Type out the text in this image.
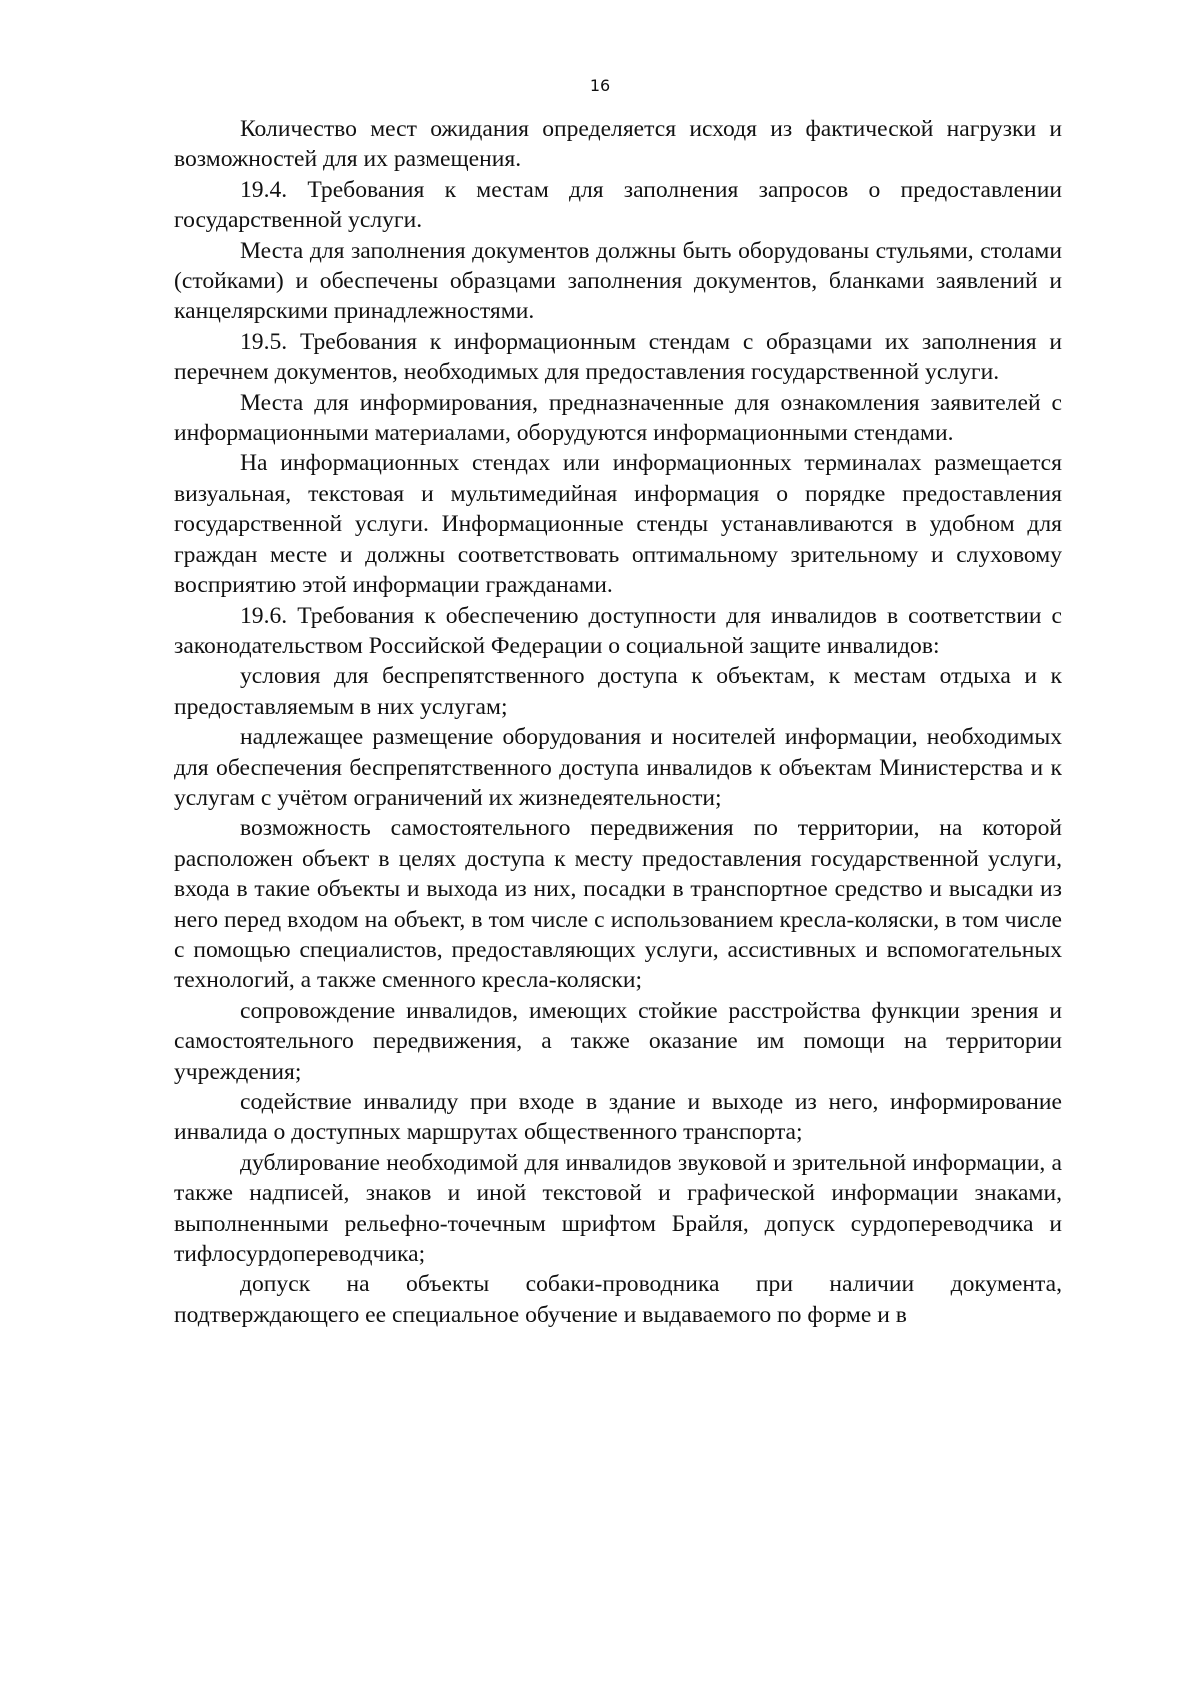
16

Количество мест ожидания определяется исходя из фактической нагрузки и возможностей для их размещения.

19.4. Требования к местам для заполнения запросов о предоставлении государственной услуги.

Места для заполнения документов должны быть оборудованы стульями, столами (стойками) и обеспечены образцами заполнения документов, бланками заявлений и канцелярскими принадлежностями.

19.5. Требования к информационным стендам с образцами их заполнения и перечнем документов, необходимых для предоставления государственной услуги.

Места для информирования, предназначенные для ознакомления заявителей с информационными материалами, оборудуются информационными стендами.

На информационных стендах или информационных терминалах размещается визуальная, текстовая и мультимедийная информация о порядке предоставления государственной услуги. Информационные стенды устанавливаются в удобном для граждан месте и должны соответствовать оптимальному зрительному и слуховому восприятию этой информации гражданами.

19.6. Требования к обеспечению доступности для инвалидов в соответствии с законодательством Российской Федерации о социальной защите инвалидов:

условия для беспрепятственного доступа к объектам, к местам отдыха и к предоставляемым в них услугам;

надлежащее размещение оборудования и носителей информации, необходимых для обеспечения беспрепятственного доступа инвалидов к объектам Министерства и к услугам с учётом ограничений их жизнедеятельности;

возможность самостоятельного передвижения по территории, на которой расположен объект в целях доступа к месту предоставления государственной услуги, входа в такие объекты и выхода из них, посадки в транспортное средство и высадки из него перед входом на объект, в том числе с использованием кресла-коляски, в том числе с помощью специалистов, предоставляющих услуги, ассистивных и вспомогательных технологий, а также сменного кресла-коляски;

сопровождение инвалидов, имеющих стойкие расстройства функции зрения и самостоятельного передвижения, а также оказание им помощи на территории учреждения;

содействие инвалиду при входе в здание и выходе из него, информирование инвалида о доступных маршрутах общественного транспорта;

дублирование необходимой для инвалидов звуковой и зрительной информации, а также надписей, знаков и иной текстовой и графической информации знаками, выполненными рельефно-точечным шрифтом Брайля, допуск сурдопереводчика и тифлосурдопереводчика;

допуск на объекты собаки-проводника при наличии документа, подтверждающего ее специальное обучение и выдаваемого по форме и в
